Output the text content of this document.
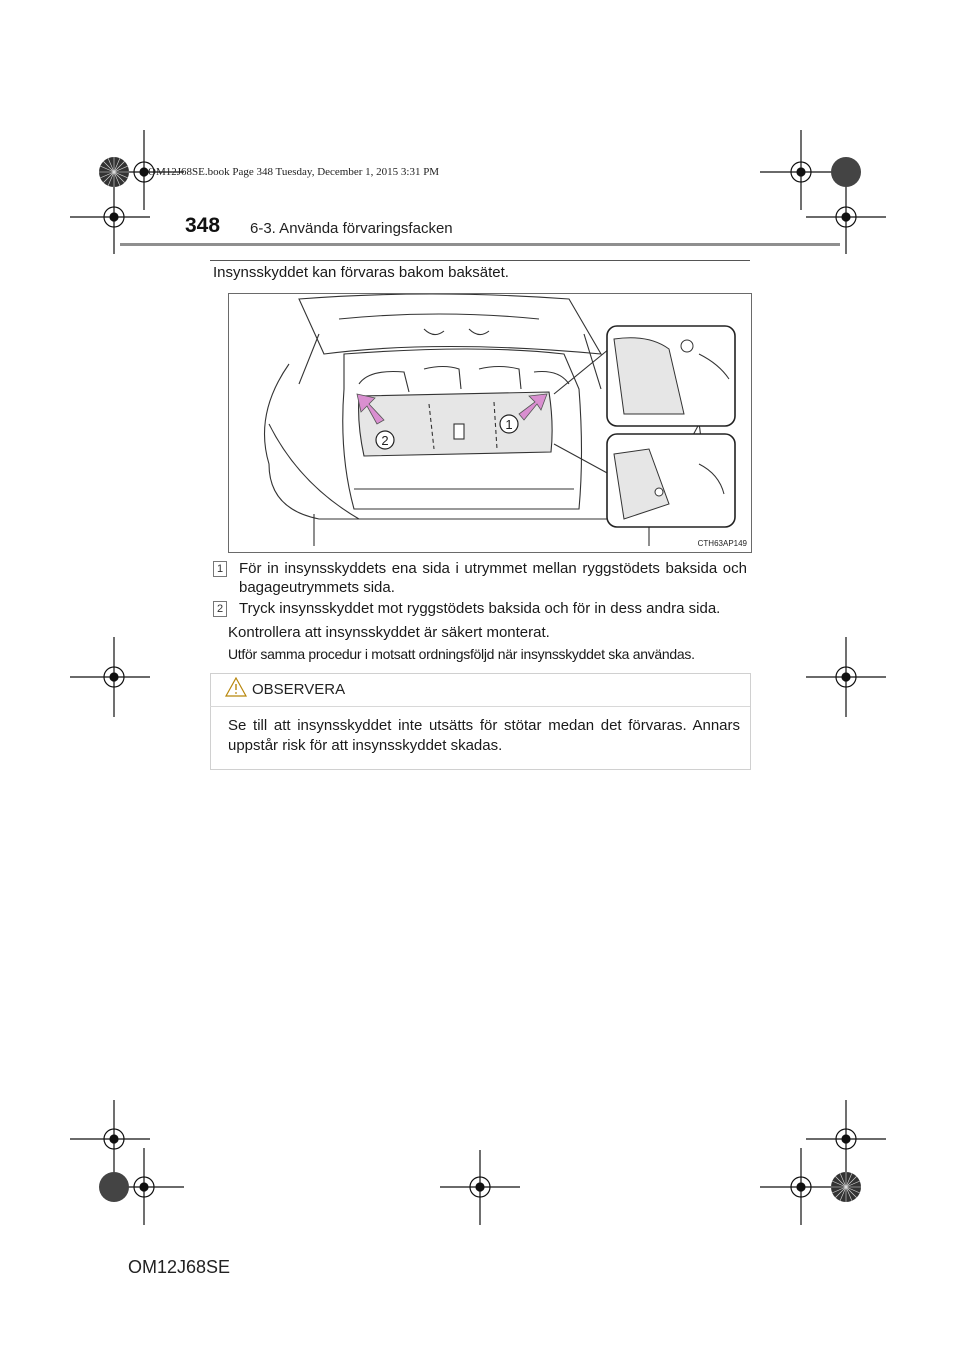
OM12J68SE.book Page 348 Tuesday, December 1, 2015 3:31 PM
348 6-3. Använda förvaringsfacken
Insynsskyddet kan förvaras bakom baksätet.
2
1
CTH63AP149
1 För in insynsskyddets ena sida i utrymmet mellan ryggstödets baksida och bagageutrymmets sida.
2 Tryck insynsskyddet mot ryggstödets baksida och för in dess andra sida.
Kontrollera att insynsskyddet är säkert monterat.
Utför samma procedur i motsatt ordningsföljd när insynsskyddet ska användas.
OBSERVERA
Se till att insynsskyddet inte utsätts för stötar medan det förvaras. Annars uppstår risk för att insynsskyddet skadas.
OM12J68SE
